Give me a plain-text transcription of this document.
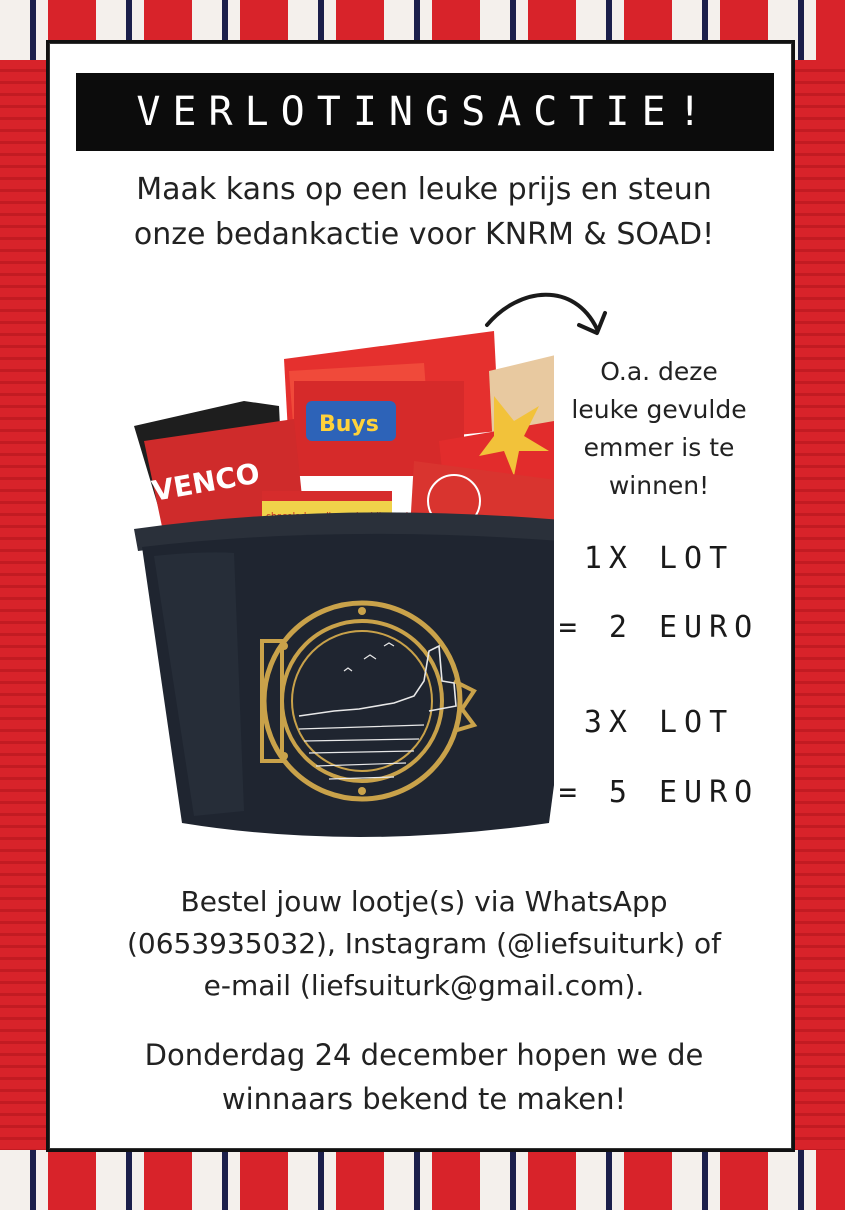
VERLOTINGSACTIE!
Maak kans op een leuke prijs en steun
onze bedankactie voor KNRM & SOAD!
Buys
VENCO
O.a. deze
leuke gevulde
emmer is te
winnen!
1X LOT
= 2 EURO
3X LOT
= 5 EURO
Bestel jouw lootje(s) via WhatsApp
(0653935032), Instagram (@liefsuiturk) of
e-mail (liefsuiturk@gmail.com).
Donderdag 24 december hopen we de
winnaars bekend te maken!
